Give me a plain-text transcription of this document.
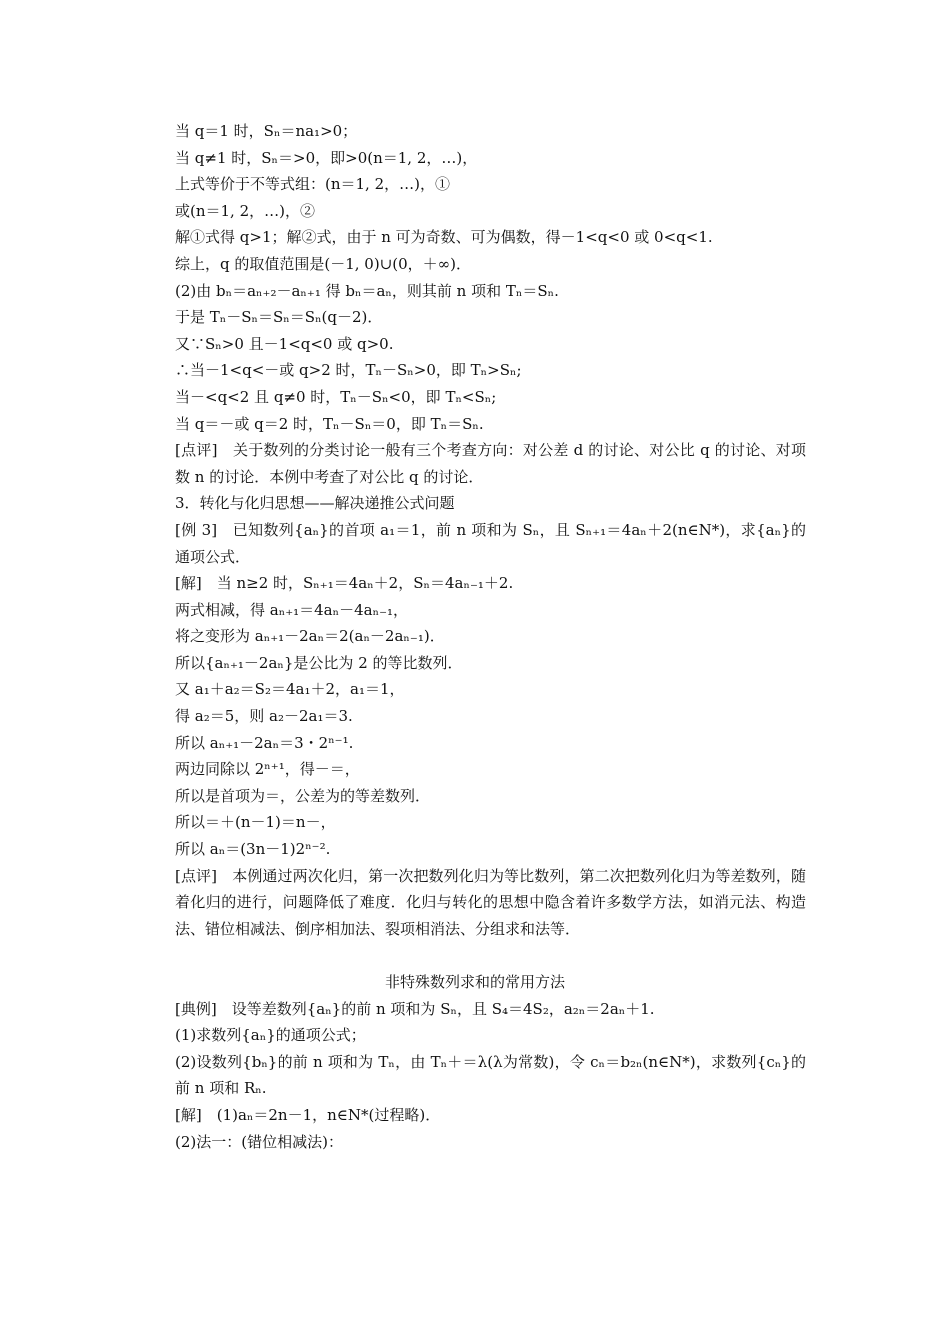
当 q＝1 时，Sₙ＝na₁>0；

当 q≠1 时，Sₙ＝>0，即>0(n＝1, 2，…)，

上式等价于不等式组：(n＝1, 2，…)，①

或(n＝1, 2，…)，②

解①式得 q>1；解②式，由于 n 可为奇数、可为偶数，得－1<q<0 或 0<q<1.

综上，q 的取值范围是(－1, 0)∪(0，＋∞)．

(2)由 bₙ＝aₙ₊₂－aₙ₊₁ 得 bₙ＝aₙ，则其前 n 项和 Tₙ＝Sₙ.

于是 Tₙ－Sₙ＝Sₙ＝Sₙ(q－2)．

又∵Sₙ>0 且－1<q<0 或 q>0.

∴当－1<q<－或 q>2 时，Tₙ－Sₙ>0，即 Tₙ>Sₙ;

当－<q<2 且 q≠0 时，Tₙ－Sₙ<0，即 Tₙ<Sₙ;

当 q＝－或 q＝2 时，Tₙ－Sₙ＝0，即 Tₙ＝Sₙ.

[点评]　关于数列的分类讨论一般有三个考查方向：对公差 d 的讨论、对公比 q 的讨论、对项数 n 的讨论．本例中考查了对公比 q 的讨论．

3．转化与化归思想——解决递推公式问题

[例 3]　已知数列{aₙ}的首项 a₁＝1，前 n 项和为 Sₙ，且 Sₙ₊₁＝4aₙ＋2(n∈N*)，求{aₙ}的通项公式．

[解]　当 n≥2 时，Sₙ₊₁＝4aₙ＋2，Sₙ＝4aₙ₋₁＋2.

两式相减，得 aₙ₊₁＝4aₙ－4aₙ₋₁，

将之变形为 aₙ₊₁－2aₙ＝2(aₙ－2aₙ₋₁)．

所以{aₙ₊₁－2aₙ}是公比为 2 的等比数列．

又 a₁＋a₂＝S₂＝4a₁＋2，a₁＝1，

得 a₂＝5，则 a₂－2a₁＝3.

所以 aₙ₊₁－2aₙ＝3・2ⁿ⁻¹.

两边同除以 2ⁿ⁺¹，得－＝，

所以是首项为＝，公差为的等差数列．

所以＝＋(n－1)＝n－，

所以 aₙ＝(3n－1)2ⁿ⁻².

[点评]　本例通过两次化归，第一次把数列化归为等比数列，第二次把数列化归为等差数列，随着化归的进行，问题降低了难度．化归与转化的思想中隐含着许多数学方法，如消元法、构造法、错位相减法、倒序相加法、裂项相消法、分组求和法等．

非特殊数列求和的常用方法

[典例]　设等差数列{aₙ}的前 n 项和为 Sₙ，且 S₄＝4S₂，a₂ₙ＝2aₙ＋1.

(1)求数列{aₙ}的通项公式；

(2)设数列{bₙ}的前 n 项和为 Tₙ，由 Tₙ＋＝λ(λ为常数)，令 cₙ＝b₂ₙ(n∈N*)，求数列{cₙ}的前 n 项和 Rₙ.

[解]　(1)aₙ＝2n－1，n∈N*(过程略)．

(2)法一：(错位相减法)：
